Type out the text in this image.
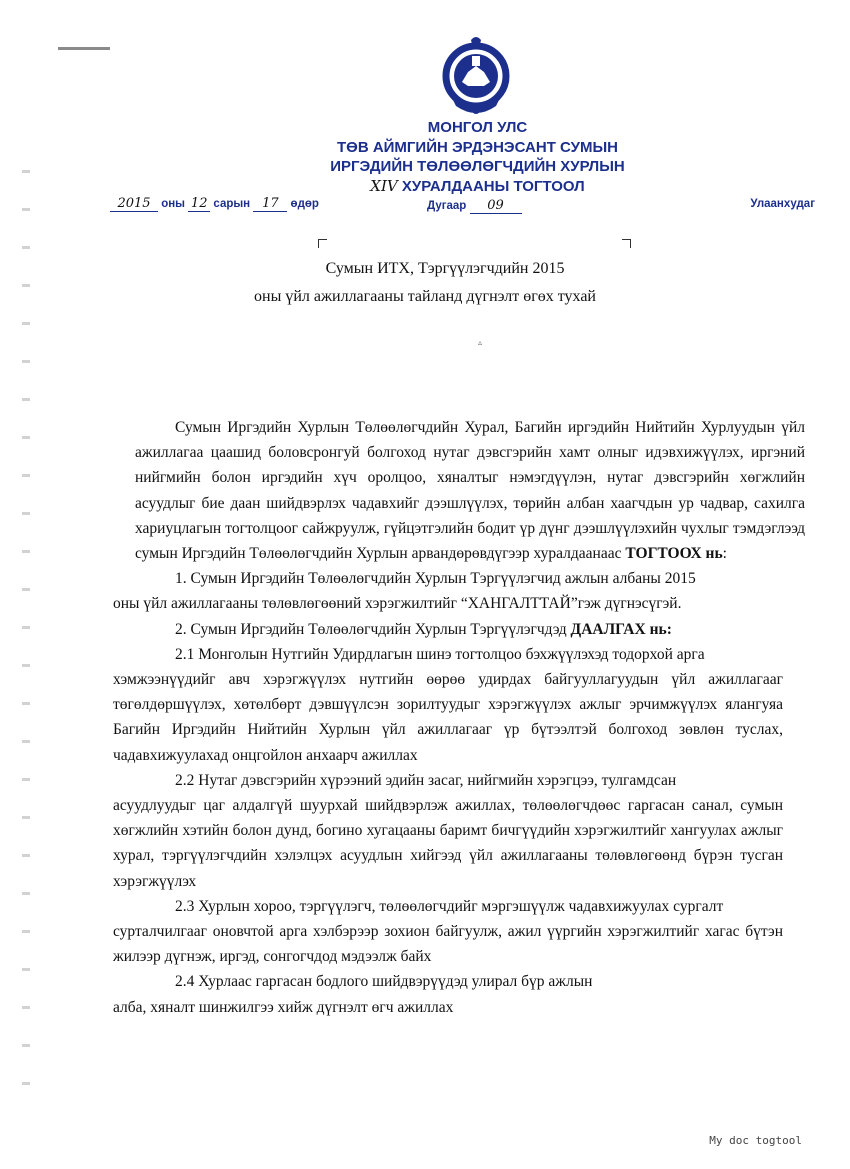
МОНГОЛ УЛС
ТӨВ АЙМГИЙН ЭРДЭНЭСАНТ СУМЫН
ИРГЭДИЙН ТӨЛӨӨЛӨГЧДИЙН ХУРЛЫН
XIV ХУРАЛДААНЫ ТОГТООЛ
2015 оны 12 сарын 17 өдөр	Дугаар 09	Улаанхудаг
Сумын ИТХ, Тэргүүлэгчдийн 2015
оны үйл ажиллагааны тайланд дүгнэлт өгөх тухай
▵

Сумын Иргэдийн Хурлын Төлөөлөгчдийн Хурал, Багийн иргэдийн Нийтийн Хурлуудын үйл ажиллагаа цаашид боловсронгуй болгоход нутаг дэвсгэрийн хамт олныг идэвхижүүлэх, иргэний нийгмийн болон иргэдийн хүч оролцоо, хяналтыг нэмэгдүүлэн, нутаг дэвсгэрийн хөгжлийн асуудлыг бие даан шийдвэрлэх чадавхийг дээшлүүлэх, төрийн албан хаагчдын ур чадвар, сахилга хариуцлагын тогтолцоог сайжруулж, гүйцэтгэлийн бодит үр дүнг дээшлүүлэхийн чухлыг тэмдэглээд сумын Иргэдийн Төлөөлөгчдийн Хурлын арвандөрөвдүгээр хуралдаанаас ТОГТООХ нь:

1. Сумын Иргэдийн Төлөөлөгчдийн Хурлын Тэргүүлэгчид ажлын албаны 2015

оны үйл ажиллагааны төлөвлөгөөний хэрэгжилтийг “ХАНГАЛТТАЙ”гэж дүгнэсүгэй.

2. Сумын Иргэдийн Төлөөлөгчдийн Хурлын Тэргүүлэгчдэд ДААЛГАХ нь:

2.1 Монголын Нутгийн Удирдлагын шинэ тогтолцоо бэхжүүлэхэд тодорхой арга

хэмжээнүүдийг авч хэрэгжүүлэх нутгийн өөрөө удирдах байгууллагуудын үйл ажиллагааг төгөлдөршүүлэх, хөтөлбөрт дэвшүүлсэн зорилтуудыг хэрэгжүүлэх ажлыг эрчимжүүлэх ялангуяа Багийн Иргэдийн Нийтийн Хурлын үйл ажиллагааг үр бүтээлтэй болгоход зөвлөн туслах, чадавхижуулахад онцгойлон анхаарч ажиллах

2.2 Нутаг дэвсгэрийн хүрээний эдийн засаг, нийгмийн хэрэгцээ, тулгамдсан

асуудлуудыг цаг алдалгүй шуурхай шийдвэрлэж ажиллах, төлөөлөгчдөөс гаргасан санал, сумын хөгжлийн хэтийн болон дунд, богино хугацааны баримт бичгүүдийн хэрэгжилтийг хангуулах ажлыг хурал, тэргүүлэгчдийн хэлэлцэх асуудлын хийгээд үйл ажиллагааны төлөвлөгөөнд бүрэн тусган хэрэгжүүлэх

2.3 Хурлын хороо, тэргүүлэгч, төлөөлөгчдийг мэргэшүүлж чадавхижуулах сургалт

сурталчилгааг оновчтой арга хэлбэрээр зохион байгуулж, ажил үүргийн хэрэгжилтийг хагас бүтэн жилээр дүгнэж, иргэд, сонгогчдод мэдээлж байх

2.4 Хурлаас гаргасан бодлого шийдвэрүүдэд улирал бүр ажлын

алба, хяналт шинжилгээ хийж дүгнэлт өгч ажиллах

My doc togtool
